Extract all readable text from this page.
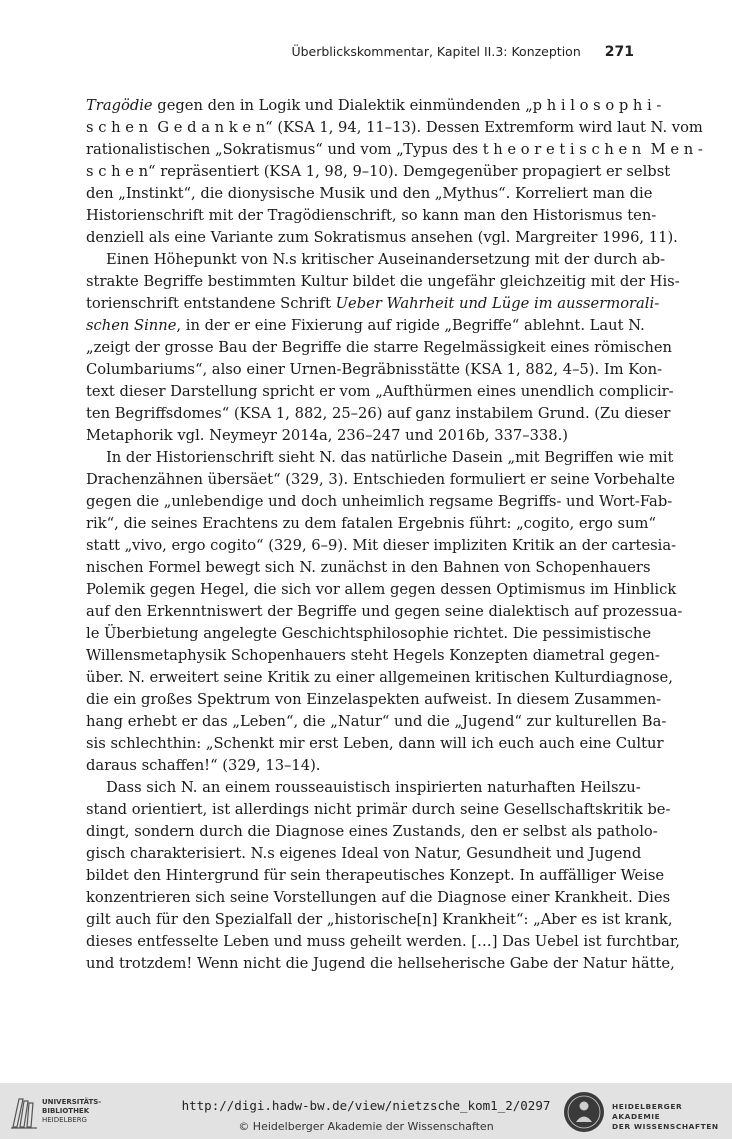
Überblickskommentar, Kapitel II.3: Konzeption 271
Tragödie gegen den in Logik und Dialektik einmündenden „p h i l o s o p h i -
s c h e n  G e d a n k e n“ (KSA 1, 94, 11–13). Dessen Extremform wird laut N. vom
rationalistischen „Sokratismus“ und vom „Typus des t h e o r e t i s c h e n  M e n -
s c h e n“ repräsentiert (KSA 1, 98, 9–10). Demgegenüber propagiert er selbst
den „Instinkt“, die dionysische Musik und den „Mythus“. Korreliert man die
Historienschrift mit der Tragödienschrift, so kann man den Historismus ten-
denziell als eine Variante zum Sokratismus ansehen (vgl. Margreiter 1996, 11).
Einen Höhepunkt von N.s kritischer Auseinandersetzung mit der durch ab-
strakte Begriffe bestimmten Kultur bildet die ungefähr gleichzeitig mit der His-
torienschrift entstandene Schrift Ueber Wahrheit und Lüge im aussermorali-
schen Sinne, in der er eine Fixierung auf rigide „Begriffe“ ablehnt. Laut N.
„zeigt der grosse Bau der Begriffe die starre Regelmässigkeit eines römischen
Columbariums“, also einer Urnen-Begräbnisstätte (KSA 1, 882, 4–5). Im Kon-
text dieser Darstellung spricht er vom „Aufthürmen eines unendlich complicir-
ten Begriffsdomes“ (KSA 1, 882, 25–26) auf ganz instabilem Grund. (Zu dieser
Metaphorik vgl. Neymeyr 2014a, 236–247 und 2016b, 337–338.)
In der Historienschrift sieht N. das natürliche Dasein „mit Begriffen wie mit
Drachenzähnen übersäet“ (329, 3). Entschieden formuliert er seine Vorbehalte
gegen die „unlebendige und doch unheimlich regsame Begriffs- und Wort-Fab-
rik“, die seines Erachtens zu dem fatalen Ergebnis führt: „cogito, ergo sum“
statt „vivo, ergo cogito“ (329, 6–9). Mit dieser impliziten Kritik an der cartesia-
nischen Formel bewegt sich N. zunächst in den Bahnen von Schopenhauers
Polemik gegen Hegel, die sich vor allem gegen dessen Optimismus im Hinblick
auf den Erkenntniswert der Begriffe und gegen seine dialektisch auf prozessua-
le Überbietung angelegte Geschichtsphilosophie richtet. Die pessimistische
Willensmetaphysik Schopenhauers steht Hegels Konzepten diametral gegen-
über. N. erweitert seine Kritik zu einer allgemeinen kritischen Kulturdiagnose,
die ein großes Spektrum von Einzelaspekten aufweist. In diesem Zusammen-
hang erhebt er das „Leben“, die „Natur“ und die „Jugend“ zur kulturellen Ba-
sis schlechthin: „Schenkt mir erst Leben, dann will ich euch auch eine Cultur
daraus schaffen!“ (329, 13–14).
Dass sich N. an einem rousseauistisch inspirierten naturhaften Heilszu-
stand orientiert, ist allerdings nicht primär durch seine Gesellschaftskritik be-
dingt, sondern durch die Diagnose eines Zustands, den er selbst als patholo-
gisch charakterisiert. N.s eigenes Ideal von Natur, Gesundheit und Jugend
bildet den Hintergrund für sein therapeutisches Konzept. In auffälliger Weise
konzentrieren sich seine Vorstellungen auf die Diagnose einer Krankheit. Dies
gilt auch für den Spezialfall der „historische[n] Krankheit“: „Aber es ist krank,
dieses entfesselte Leben und muss geheilt werden. […] Das Uebel ist furchtbar,
und trotzdem! Wenn nicht die Jugend die hellseherische Gabe der Natur hätte,
UNIVERSITÄTS-
BIBLIOTHEK
HEIDELBERG
http://digi.hadw-bw.de/view/nietzsche_kom1_2/0297
© Heidelberger Akademie der Wissenschaften
HEIDELBERGER AKADEMIE
DER WISSENSCHAFTEN
